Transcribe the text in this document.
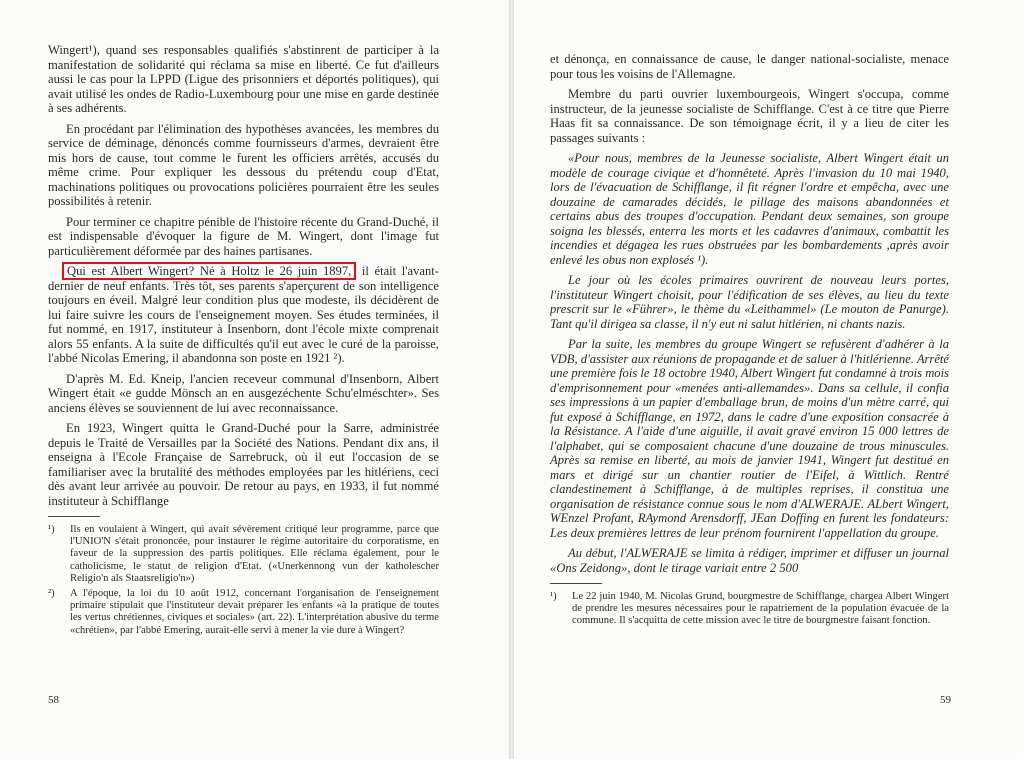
Wingert¹), quand ses responsables qualifiés s'abstinrent de participer à la manifestation de solidarité qui réclama sa mise en liberté. Ce fut d'ailleurs aussi le cas pour la LPPD (Ligue des prisonniers et déportés politiques), qui avait utilisé les ondes de Radio-Luxembourg pour une mise en garde destinée à ses adhérents.

En procédant par l'élimination des hypothèses avancées, les membres du service de déminage, dénoncés comme fournisseurs d'armes, devraient être mis hors de cause, tout comme le furent les officiers arrêtés, accusés du même crime. Pour expliquer les dessous du prétendu coup d'Etat, machinations politiques ou provocations policières pourraient être les seules possibilités à retenir.

Pour terminer ce chapitre pénible de l'histoire récente du Grand-Duché, il est indispensable d'évoquer la figure de M. Wingert, dont l'image fut particulièrement déformée par des haines partisanes.

Qui est Albert Wingert? Né à Holtz le 26 juin 1897, il était l'avant-dernier de neuf enfants. Très tôt, ses parents s'aperçurent de son intelligence toujours en éveil. Malgré leur condition plus que modeste, ils décidèrent de lui faire suivre les cours de l'enseignement moyen. Ses études terminées, il fut nommé, en 1917, instituteur à Insenborn, dont l'école mixte comprenait alors 55 enfants. A la suite de difficultés qu'il eut avec le curé de la paroisse, l'abbé Nicolas Emering, il abandonna son poste en 1921 ²).

D'après M. Ed. Kneip, l'ancien receveur communal d'Insenborn, Albert Wingert était «e gudde Mönsch an en ausgezéchente Schu'elméschter». Ses anciens élèves se souviennent de lui avec reconnaissance.

En 1923, Wingert quitta le Grand-Duché pour la Sarre, administrée depuis le Traité de Versailles par la Société des Nations. Pendant dix ans, il enseigna à l'Ecole Française de Sarrebruck, où il eut l'occasion de se familiariser avec la brutalité des méthodes employées par les hitlériens, ceci dès avant leur arrivée au pouvoir. De retour au pays, en 1933, il fut nommé instituteur à Schifflange

¹)	Ils en voulaient à Wingert, qui avait sévèrement critiqué leur programme, parce que l'UNIO'N s'était prononcée, pour instaurer le régime autoritaire du corporatisme, en faveur de la suppression des partis politiques. Elle réclama également, pour le catholicisme, le statut de religion d'Etat. («Unerkennong vun der katholescher Religio'n als Staatsreligio'n»)
²)	A l'époque, la loi du 10 août 1912, concernant l'organisation de l'enseignement primaire stipulait que l'instituteur devait préparer les enfants «à la pratique de toutes les vertus chrétiennes, civiques et sociales» (art. 22). L'interprétation abusive du terme «chrétien», par l'abbé Emering, aurait-elle servi à mener la vie dure à Wingert?
58

et dénonça, en connaissance de cause, le danger national-socialiste, menace pour tous les voisins de l'Allemagne.

Membre du parti ouvrier luxembourgeois, Wingert s'occupa, comme instructeur, de la jeunesse socialiste de Schifflange. C'est à ce titre que Pierre Haas fit sa connaissance. De son témoignage écrit, il y a lieu de citer les passages suivants :

«Pour nous, membres de la Jeunesse socialiste, Albert Wingert était un modèle de courage civique et d'honnêteté. Après l'invasion du 10 mai 1940, lors de l'évacuation de Schifflange, il fit régner l'ordre et empêcha, avec une douzaine de camarades décidés, le pillage des maisons abandonnées et certains abus des troupes d'occupation. Pendant deux semaines, son groupe soigna les blessés, enterra les morts et les cadavres d'animaux, combattit les incendies et dégagea les rues obstruées par les bombardements ,après avoir enlevé les obus non explosés ¹).

Le jour où les écoles primaires ouvrirent de nouveau leurs portes, l'instituteur Wingert choisit, pour l'édification de ses élèves, au lieu du texte prescrit sur le «Führer», le thème du «Leithammel» (Le mouton de Panurge). Tant qu'il dirigea sa classe, il n'y eut ni salut hitlérien, ni chants nazis.

Par la suite, les membres du groupe Wingert se refusèrent d'adhérer à la VDB, d'assister aux réunions de propagande et de saluer à l'hitlérienne. Arrêté une première fois le 18 octobre 1940, Albert Wingert fut condamné à trois mois d'emprisonnement pour «menées anti-allemandes». Dans sa cellule, il confia ses impressions à un papier d'emballage brun, de moins d'un mètre carré, qui fut exposé à Schifflange, en 1972, dans le cadre d'une exposition consacrée à la Résistance. A l'aide d'une aiguille, il avait gravé environ 15 000 lettres de l'alphabet, qui se composaient chacune d'une douzaine de trous minuscules. Après sa remise en liberté, au mois de janvier 1941, Wingert fut destitué en mars et dirigé sur un chantier routier de l'Eifel, à Wittlich. Rentré clandestinement à Schifflange, à de multiples reprises, il constitua une organisation de résistance connue sous le nom d'ALWERAJE. ALbert Wingert, WEnzel Profant, RAymond Arensdorff, JEan Doffing en furent les fondateurs: Les deux premières lettres de leur prénom fournirent l'appellation du groupe.

Au début, l'ALWERAJE se limita à rédiger, imprimer et diffuser un journal «Ons Zeidong», dont le tirage variait entre 2 500

¹)	Le 22 juin 1940, M. Nicolas Grund, bourgmestre de Schifflange, chargea Albert Wingert de prendre les mesures nécessaires pour le rapatriement de la population évacuée de la commune. Il s'acquitta de cette mission avec le titre de bourgmestre faisant fonction.
59
